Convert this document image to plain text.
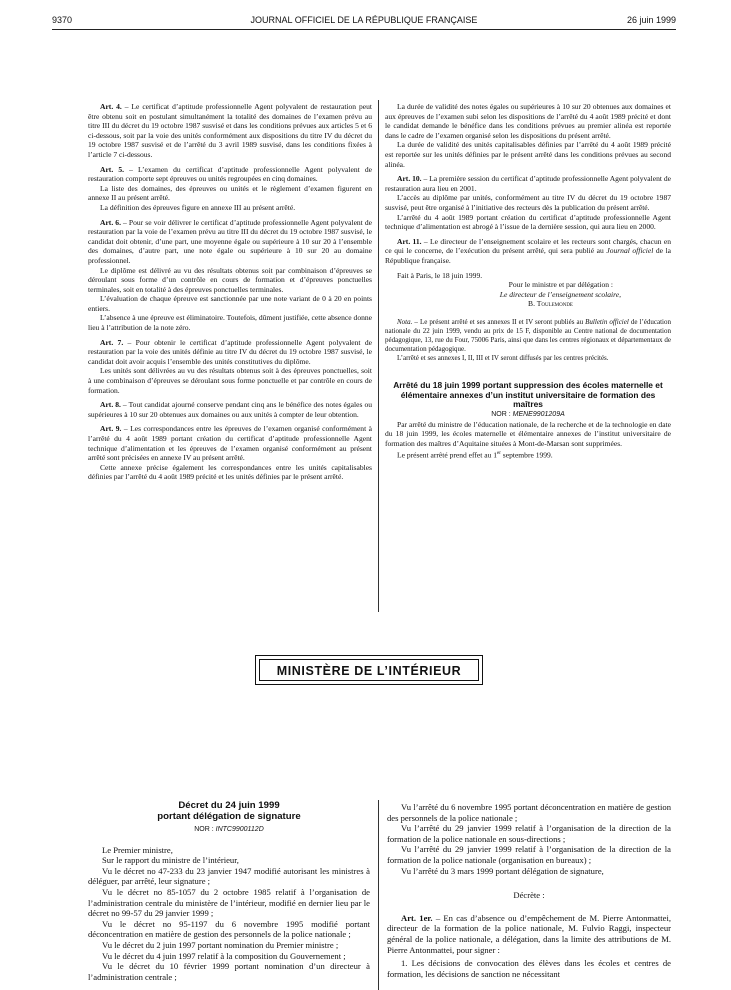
9370	JOURNAL OFFICIEL DE LA RÉPUBLIQUE FRANÇAISE	26 juin 1999

Art. 4. – Le certificat d’aptitude professionnelle Agent polyvalent de restauration peut être obtenu soit en postulant simultanément la totalité des domaines de l’examen prévu au titre III du décret du 19 octobre 1987 susvisé et dans les conditions prévues aux articles 5 et 6 ci-dessous, soit par la voie des unités conformément aux dispositions du titre IV du décret du 19 octobre 1987 susvisé et de l’arrêté du 3 avril 1989 susvisé, dans les conditions fixées à l’article 7 ci-dessous.

Art. 5. – L’examen du certificat d’aptitude professionnelle Agent polyvalent de restauration comporte sept épreuves ou unités regroupées en cinq domaines.

La liste des domaines, des épreuves ou unités et le règlement d’examen figurent en annexe II au présent arrêté.

La définition des épreuves figure en annexe III au présent arrêté.

Art. 6. – Pour se voir délivrer le certificat d’aptitude professionnelle Agent polyvalent de restauration par la voie de l’examen prévu au titre III du décret du 19 octobre 1987 susvisé, le candidat doit obtenir, d’une part, une moyenne égale ou supérieure à 10 sur 20 à l’ensemble des domaines, d’autre part, une note égale ou supérieure à 10 sur 20 au domaine professionnel.

Le diplôme est délivré au vu des résultats obtenus soit par combinaison d’épreuves se déroulant sous forme d’un contrôle en cours de formation et d’épreuves ponctuelles terminales, soit en totalité à des épreuves ponctuelles terminales.

L’évaluation de chaque épreuve est sanctionnée par une note variant de 0 à 20 en points entiers.

L’absence à une épreuve est éliminatoire. Toutefois, dûment justifiée, cette absence donne lieu à l’attribution de la note zéro.

Art. 7. – Pour obtenir le certificat d’aptitude professionnelle Agent polyvalent de restauration par la voie des unités définie au titre IV du décret du 19 octobre 1987 susvisé, le candidat doit avoir acquis l’ensemble des unités constitutives du diplôme.

Les unités sont délivrées au vu des résultats obtenus soit à des épreuves ponctuelles, soit à une combinaison d’épreuves se déroulant sous forme ponctuelle et par contrôle en cours de formation.

Art. 8. – Tout candidat ajourné conserve pendant cinq ans le bénéfice des notes égales ou supérieures à 10 sur 20 obtenues aux domaines ou aux unités à compter de leur obtention.

Art. 9. – Les correspondances entre les épreuves de l’examen organisé conformément à l’arrêté du 4 août 1989 portant création du certificat d’aptitude professionnelle Agent technique d’alimentation et les épreuves de l’examen organisé conformément au présent arrêté sont précisées en annexe IV au présent arrêté.

Cette annexe précise également les correspondances entre les unités capitalisables définies par l’arrêté du 4 août 1989 précité et les unités définies par le présent arrêté.

La durée de validité des notes égales ou supérieures à 10 sur 20 obtenues aux domaines et aux épreuves de l’examen subi selon les dispositions de l’arrêté du 4 août 1989 précité et dont le candidat demande le bénéfice dans les conditions prévues au premier alinéa est reportée dans le cadre de l’examen organisé selon les dispositions du présent arrêté.

La durée de validité des unités capitalisables définies par l’arrêté du 4 août 1989 précité est reportée sur les unités définies par le présent arrêté dans les conditions prévues au second alinéa.

Art. 10. – La première session du certificat d’aptitude professionnelle Agent polyvalent de restauration aura lieu en 2001.

L’accès au diplôme par unités, conformément au titre IV du décret du 19 octobre 1987 susvisé, peut être organisé à l’initiative des recteurs dès la publication du présent arrêté.

L’arrêté du 4 août 1989 portant création du certificat d’aptitude professionnelle Agent technique d’alimentation est abrogé à l’issue de la dernière session, qui aura lieu en 2000.

Art. 11. – Le directeur de l’enseignement scolaire et les recteurs sont chargés, chacun en ce qui le concerne, de l’exécution du présent arrêté, qui sera publié au Journal officiel de la République française.

Fait à Paris, le 18 juin 1999.

Pour le ministre et par délégation :

Le directeur de l’enseignement scolaire,

B. Toulemonde

Nota. – Le présent arrêté et ses annexes II et IV seront publiés au Bulletin officiel de l’éducation nationale du 22 juin 1999, vendu au prix de 15 F, disponible au Centre national de documentation pédagogique, 13, rue du Four, 75006 Paris, ainsi que dans les centres régionaux et départementaux de documentation pédagogique.

L’arrêté et ses annexes I, II, III et IV seront diffusés par les centres précités.

Arrêté du 18 juin 1999 portant suppression des écoles maternelle et élémentaire annexes d’un institut universitaire de formation des maîtres

NOR : MENE9901209A

Par arrêté du ministre de l’éducation nationale, de la recherche et de la technologie en date du 18 juin 1999, les écoles maternelle et élémentaire annexes de l’institut universitaire de formation des maîtres d’Aquitaine situées à Mont-de-Marsan sont supprimées.

Le présent arrêté prend effet au 1er septembre 1999.

MINISTÈRE DE L’INTÉRIEUR
Décret du 24 juin 1999
portant délégation de signature

NOR : INTC9900112D

Le Premier ministre,

Sur le rapport du ministre de l’intérieur,

Vu le décret no 47-233 du 23 janvier 1947 modifié autorisant les ministres à déléguer, par arrêté, leur signature ;

Vu le décret no 85-1057 du 2 octobre 1985 relatif à l’organisation de l’administration centrale du ministère de l’intérieur, modifié en dernier lieu par le décret no 99-57 du 29 janvier 1999 ;

Vu le décret no 95-1197 du 6 novembre 1995 modifié portant déconcentration en matière de gestion des personnels de la police nationale ;

Vu le décret du 2 juin 1997 portant nomination du Premier ministre ;

Vu le décret du 4 juin 1997 relatif à la composition du Gouvernement ;

Vu le décret du 10 février 1999 portant nomination d’un directeur à l’administration centrale ;

Vu l’arrêté du 6 novembre 1995 portant déconcentration en matière de gestion des personnels de la police nationale ;

Vu l’arrêté du 29 janvier 1999 relatif à l’organisation de la direction de la formation de la police nationale en sous-directions ;

Vu l’arrêté du 29 janvier 1999 relatif à l’organisation de la direction de la formation de la police nationale (organisation en bureaux) ;

Vu l’arrêté du 3 mars 1999 portant délégation de signature,

Décrète :

Art. 1er. – En cas d’absence ou d’empêchement de M. Pierre Antonmattei, directeur de la formation de la police nationale, M. Fulvio Raggi, inspecteur général de la police nationale, a délégation, dans la limite des attributions de M. Pierre Antonmattei, pour signer :

1. Les décisions de convocation des élèves dans les écoles et centres de formation, les décisions de sanction ne nécessitant
